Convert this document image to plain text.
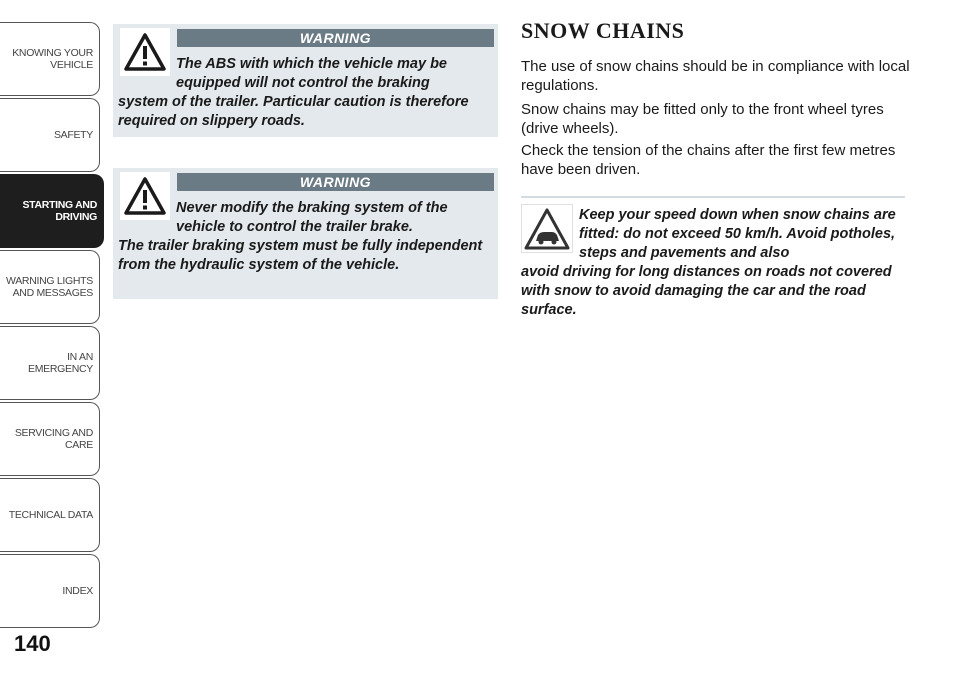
KNOWING YOUR
VEHICLE
SAFETY
STARTING AND
DRIVING
WARNING LIGHTS
AND MESSAGES
IN AN EMERGENCY
SERVICING AND
CARE
TECHNICAL DATA
INDEX
140
WARNING
The ABS with which the vehicle may be equipped will not control the braking
system of the trailer. Particular caution is therefore required on slippery roads.
WARNING
Never modify the braking system of the vehicle to control the trailer brake.
The trailer braking system must be fully independent from the hydraulic system of the vehicle.
SNOW CHAINS
The use of snow chains should be in compliance with local regulations.
Snow chains may be fitted only to the front wheel tyres (drive wheels).
Check the tension of the chains after the first few metres have been driven.
Keep your speed down when snow chains are fitted: do not exceed 50 km/h. Avoid potholes, steps and pavements and also
avoid driving for long distances on roads not covered with snow to avoid damaging the car and the road surface.
